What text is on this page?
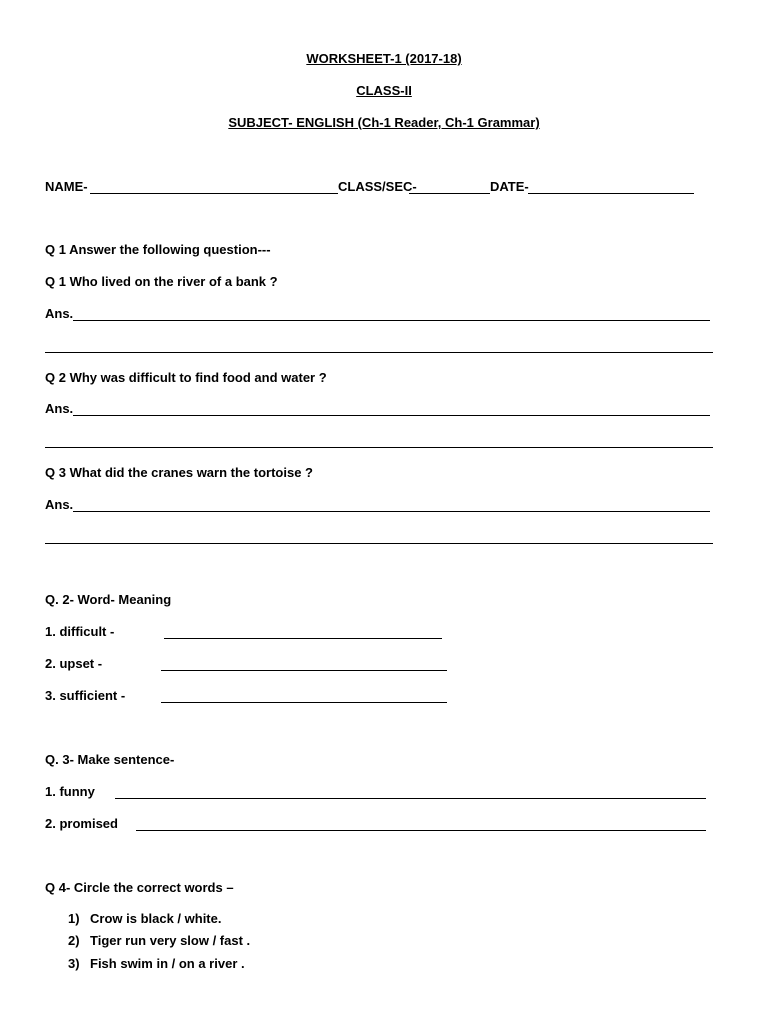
WORKSHEET-1 (2017-18)
CLASS-II
SUBJECT- ENGLISH (Ch-1 Reader, Ch-1 Grammar)
NAME-	CLASS/SEC-	DATE-
Q 1 Answer the following question---
Q 1 Who lived on the river of a bank ?
Ans.
Q 2 Why was difficult to find food and water ?
Ans.
Q 3 What did the cranes warn the tortoise ?
Ans.
Q. 2- Word- Meaning
1. difficult -
2. upset -
3. sufficient -
Q. 3- Make sentence-
1. funny
2. promised
Q 4- Circle the correct words –
1) Crow is black / white.
2) Tiger run very slow / fast .
3) Fish swim in / on a river .
